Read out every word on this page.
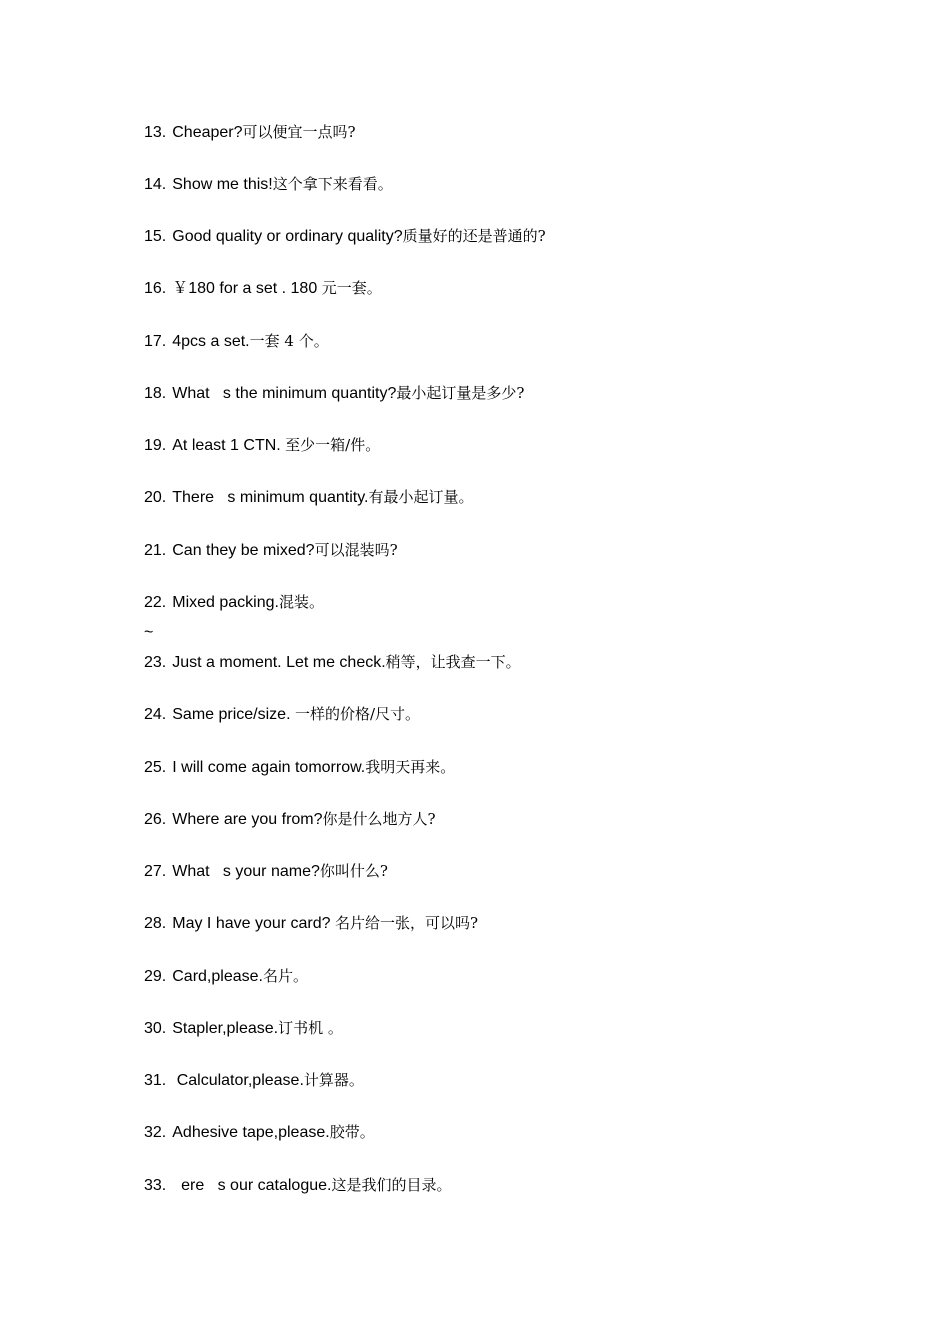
13. Cheaper?可以便宜一点吗?
14. Show me this!这个拿下来看看。
15. Good quality or ordinary quality?质量好的还是普通的?
16. ￥180 for a set . 180 元一套。
17. 4pcs a set.一套 4 个。
18. What   s the minimum quantity?最小起订量是多少?
19. At least 1 CTN. 至少一箱/件。
20. There   s minimum quantity.有最小起订量。
21. Can they be mixed?可以混装吗?
22. Mixed packing.混装。
~
23. Just a moment. Let me check.稍等，让我查一下。
24. Same price/size. 一样的价格/尺寸。
25. I will come again tomorrow.我明天再来。
26. Where are you from?你是什么地方人?
27. What   s your name?你叫什么?
28. May I have your card? 名片给一张，可以吗?
29. Card,please.名片。
30. Stapler,please.订书机 。
31. Calculator,please.计算器。
32. Adhesive tape,please.胶带。
33.  ere   s our catalogue.这是我们的目录。
